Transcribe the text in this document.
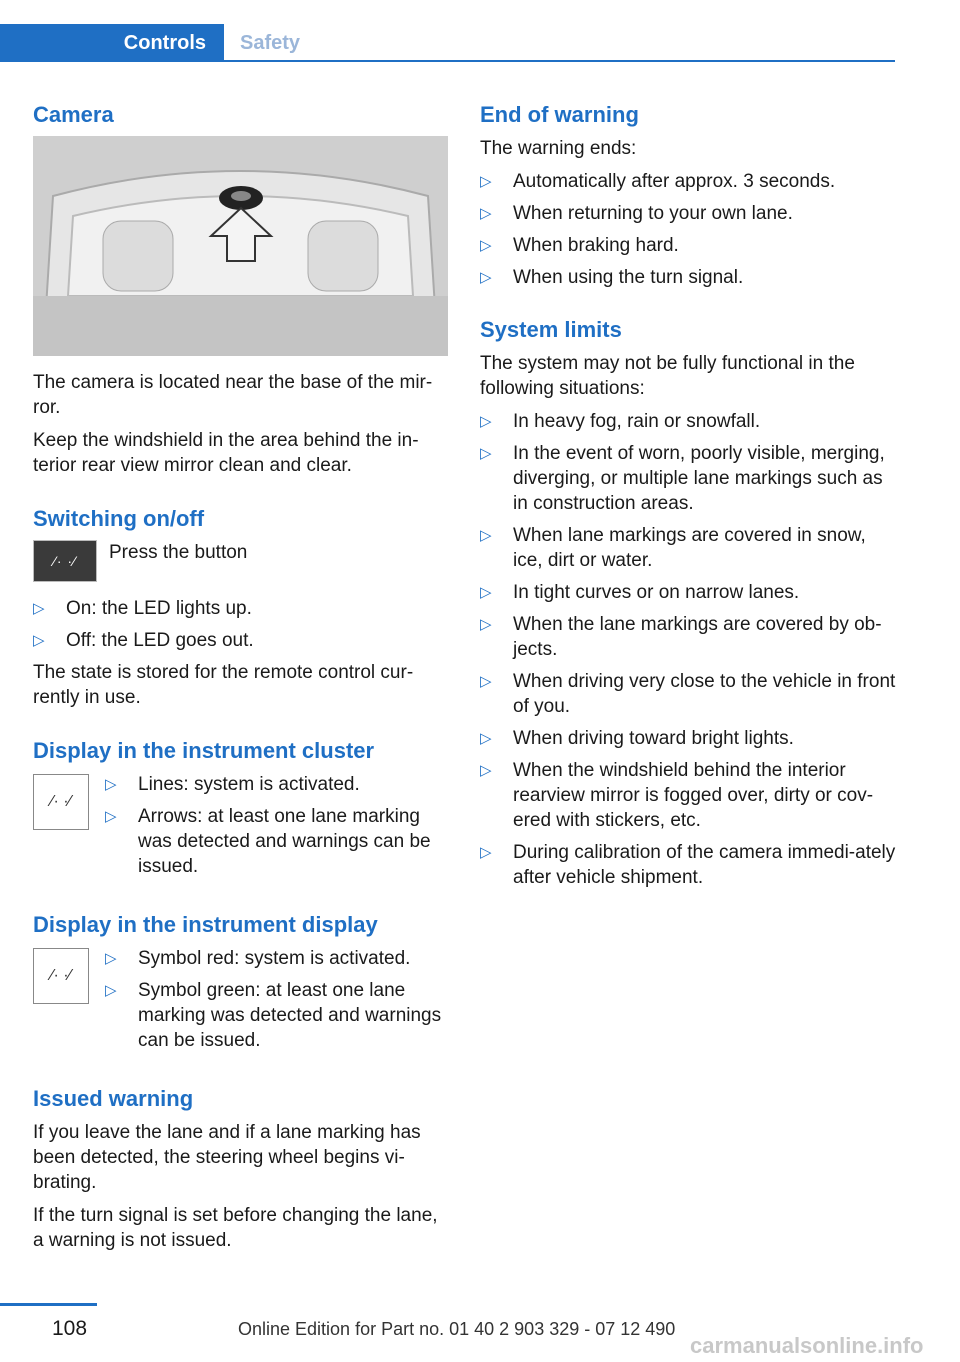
Controls	Safety
Camera

The camera is located near the base of the mir‐ror.

Keep the windshield in the area behind the in‐terior rear view mirror clean and clear.

Switching on/off
⁄· ·⁄ Press the button

▷ On: the LED lights up.
▷ Off: the LED goes out.

The state is stored for the remote control cur‐rently in use.

Display in the instrument cluster
⁄· ·⁄
▷ Lines: system is activated.
▷ Arrows: at least one lane marking was detected and warnings can be issued.
Display in the instrument display
⁄· ·⁄
▷ Symbol red: system is activated.
▷ Symbol green: at least one lane marking was detected and warnings can be issued.
Issued warning

If you leave the lane and if a lane marking has been detected, the steering wheel begins vi‐brating.

If the turn signal is set before changing the lane, a warning is not issued.

End of warning

The warning ends:

▷ Automatically after approx. 3 seconds.
▷ When returning to your own lane.
▷ When braking hard.
▷ When using the turn signal.
System limits

The system may not be fully functional in the following situations:

▷ In heavy fog, rain or snowfall.
▷ In the event of worn, poorly visible, merging, diverging, or multiple lane markings such as in construction areas.
▷ When lane markings are covered in snow, ice, dirt or water.
▷ In tight curves or on narrow lanes.
▷ When the lane markings are covered by ob‐jects.
▷ When driving very close to the vehicle in front of you.
▷ When driving toward bright lights.
▷ When the windshield behind the interior rearview mirror is fogged over, dirty or cov‐ered with stickers, etc.
▷ During calibration of the camera immedi‐ately after vehicle shipment.
108	Online Edition for Part no. 01 40 2 903 329 - 07 12 490
carmanualsonline.info
